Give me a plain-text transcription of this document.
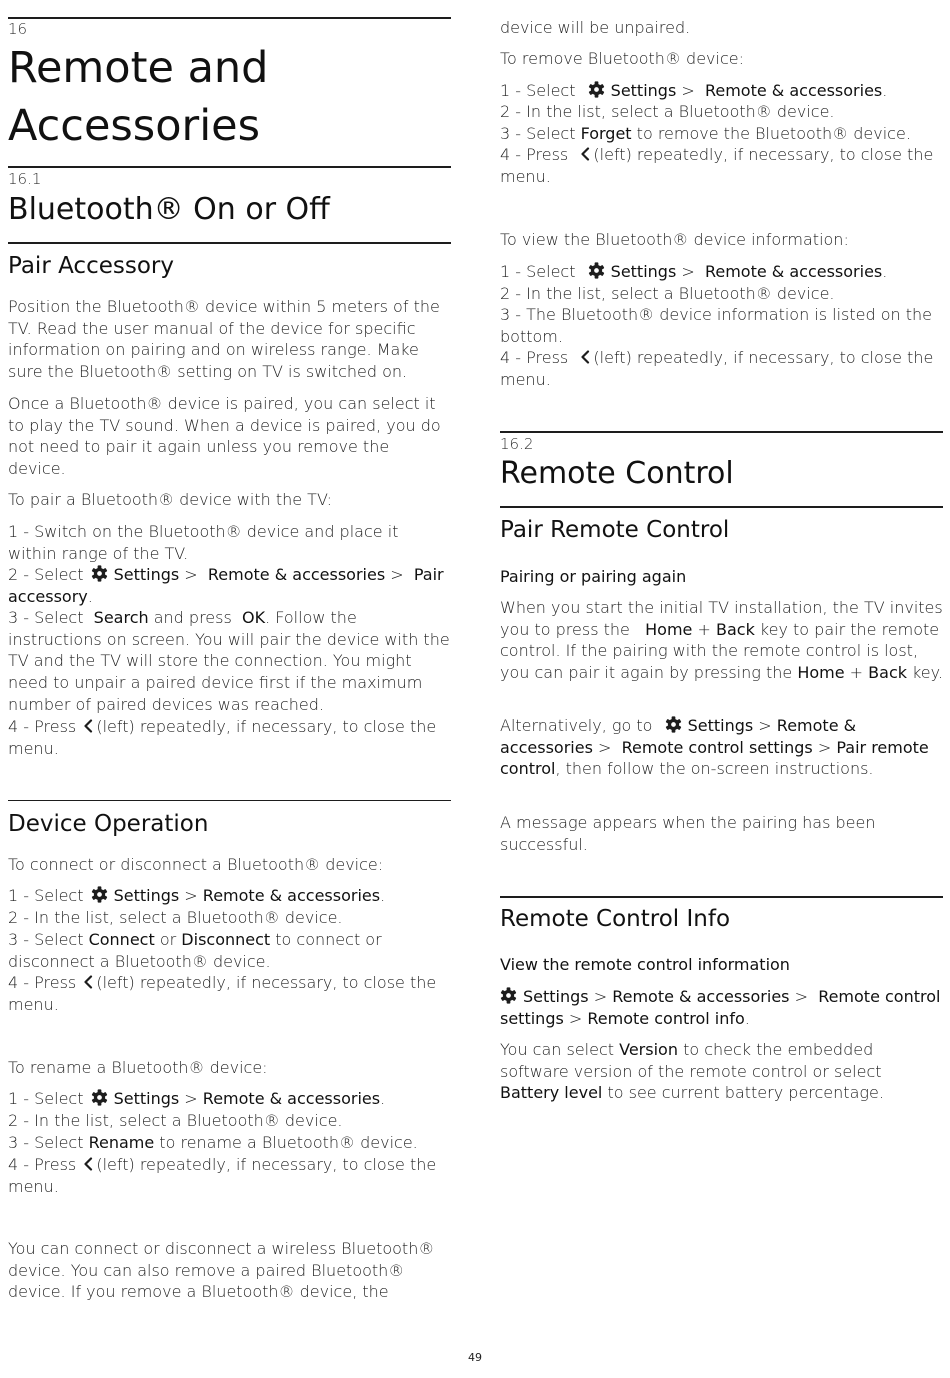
16
Remote and
Accessories
16.1
Bluetooth® On or Off
Pair Accessory
Position the Bluetooth® device within 5 meters of the TV. Read the user manual of the device for specific information on pairing and on wireless range. Make sure the Bluetooth® setting on TV is switched on.
Once a Bluetooth® device is paired, you can select it to play the TV sound. When a device is paired, you do not need to pair it again unless you remove the device.
To pair a Bluetooth® device with the TV:
1 - Switch on the Bluetooth® device and place it within range of the TV.
2 - Select Settings > Remote & accessories > Pair accessory.
3 - Select Search and press OK. Follow the instructions on screen. You will pair the device with the TV and the TV will store the connection. You might need to unpair a paired device first if the maximum number of paired devices was reached.
4 - Press (left) repeatedly, if necessary, to close the menu.
Device Operation
To connect or disconnect a Bluetooth® device:
1 - Select Settings > Remote & accessories.
2 - In the list, select a Bluetooth® device.
3 - Select Connect or Disconnect to connect or disconnect a Bluetooth® device.
4 - Press (left) repeatedly, if necessary, to close the menu.
To rename a Bluetooth® device:
1 - Select Settings > Remote & accessories.
2 - In the list, select a Bluetooth® device.
3 - Select Rename to rename a Bluetooth® device.
4 - Press (left) repeatedly, if necessary, to close the menu.
You can connect or disconnect a wireless Bluetooth® device. You can also remove a paired Bluetooth® device. If you remove a Bluetooth® device, the
device will be unpaired.
To remove Bluetooth® device:
1 - Select Settings > Remote & accessories.
2 - In the list, select a Bluetooth® device.
3 - Select Forget to remove the Bluetooth® device.
4 - Press (left) repeatedly, if necessary, to close the menu.
To view the Bluetooth® device information:
1 - Select Settings > Remote & accessories.
2 - In the list, select a Bluetooth® device.
3 - The Bluetooth® device information is listed on the bottom.
4 - Press (left) repeatedly, if necessary, to close the menu.
16.2
Remote Control
Pair Remote Control
Pairing or pairing again
When you start the initial TV installation, the TV invites you to press the Home + Back key to pair the remote control. If the pairing with the remote control is lost, you can pair it again by pressing the Home + Back key.
Alternatively, go to Settings > Remote & accessories > Remote control settings > Pair remote control, then follow the on-screen instructions.
A message appears when the pairing has been successful.
Remote Control Info
View the remote control information
Settings > Remote & accessories > Remote control settings > Remote control info.
You can select Version to check the embedded software version of the remote control or select Battery level to see current battery percentage.
49
